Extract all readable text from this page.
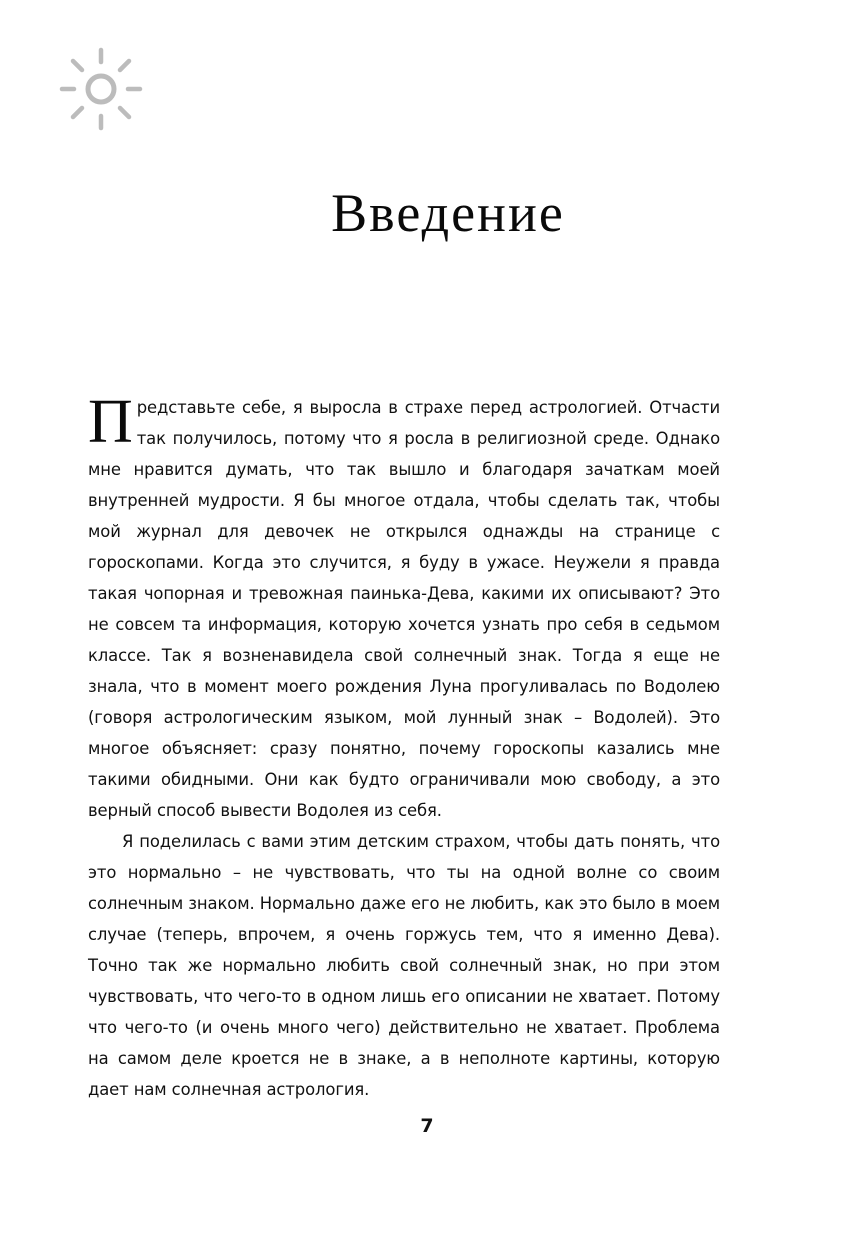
Введение

Представьте себе, я выросла в страхе перед астрологией. Отчасти так получилось, потому что я росла в религиозной среде. Однако мне нравится думать, что так вышло и благодаря зачаткам моей внутренней мудрости. Я бы многое отдала, чтобы сделать так, чтобы мой журнал для девочек не открылся однажды на странице с гороскопами. Когда это случится, я буду в ужасе. Неужели я правда такая чопорная и тревожная паинька-Дева, какими их описывают? Это не совсем та информация, которую хочется узнать про себя в седьмом классе. Так я возненавидела свой солнечный знак. Тогда я еще не знала, что в момент моего рождения Луна прогуливалась по Водолею (говоря астрологическим языком, мой лунный знак – Водолей). Это многое объясняет: сразу понятно, почему гороскопы казались мне такими обидными. Они как будто ограничивали мою свободу, а это верный способ вывести Водолея из себя.

Я поделилась с вами этим детским страхом, чтобы дать понять, что это нормально – не чувствовать, что ты на одной волне со своим солнечным знаком. Нормально даже его не любить, как это было в моем случае (теперь, впрочем, я очень горжусь тем, что я именно Дева). Точно так же нормально любить свой солнечный знак, но при этом чувствовать, что чего-то в одном лишь его описании не хватает. Потому что чего-то (и очень много чего) действительно не хватает. Проблема на самом деле кроется не в знаке, а в неполноте картины, которую дает нам солнечная астрология.

7
